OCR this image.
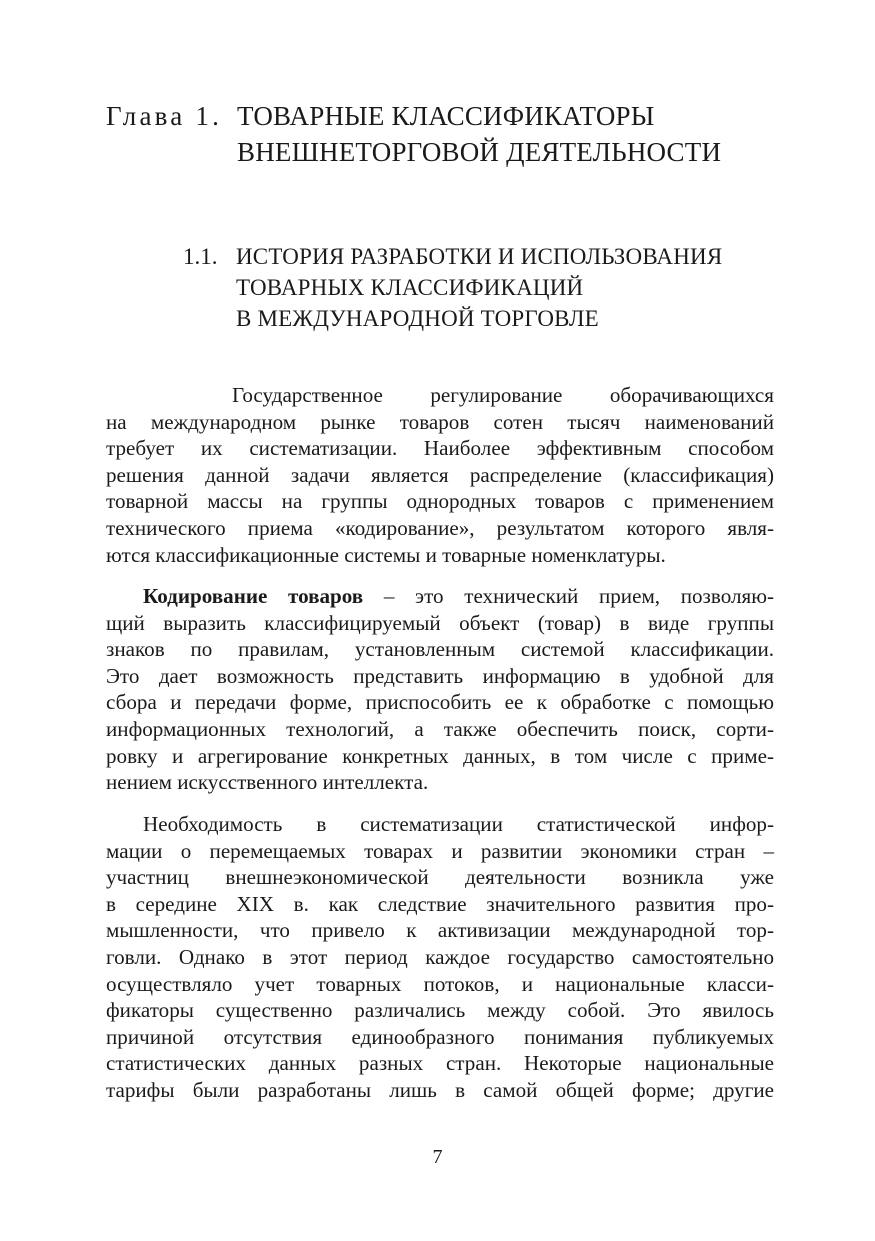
Глава 1. ТОВАРНЫЕ КЛАССИФИКАТОРЫ
ВНЕШНЕТОРГОВОЙ ДЕЯТЕЛЬНОСТИ
1.1. ИСТОРИЯ РАЗРАБОТКИ И ИСПОЛЬЗОВАНИЯ
ТОВАРНЫХ КЛАССИФИКАЦИЙ
В МЕЖДУНАРОДНОЙ ТОРГОВЛЕ
Государственное регулирование оборачивающихся
на международном рынке товаров сотен тысяч наименований
требует их систематизации. Наиболее эффективным способом
решения данной задачи является распределение (классификация)
товарной массы на группы однородных товаров с применением
технического приема «кодирование», результатом которого явля-
ются классификационные системы и товарные номенклатуры.
Кодирование товаров – это технический прием, позволяю-
щий выразить классифицируемый объект (товар) в виде группы
знаков по правилам, установленным системой классификации.
Это дает возможность представить информацию в удобной для
сбора и передачи форме, приспособить ее к обработке с помощью
информационных технологий, а также обеспечить поиск, сорти-
ровку и агрегирование конкретных данных, в том числе с приме-
нением искусственного интеллекта.
Необходимость в систематизации статистической инфор-
мации о перемещаемых товарах и развитии экономики стран –
участниц внешнеэкономической деятельности возникла уже
в середине XIX в. как следствие значительного развития про-
мышленности, что привело к активизации международной тор-
говли. Однако в этот период каждое государство самостоятельно
осуществляло учет товарных потоков, и национальные класси-
фикаторы существенно различались между собой. Это явилось
причиной отсутствия единообразного понимания публикуемых
статистических данных разных стран. Некоторые национальные
тарифы были разработаны лишь в самой общей форме; другие
7
